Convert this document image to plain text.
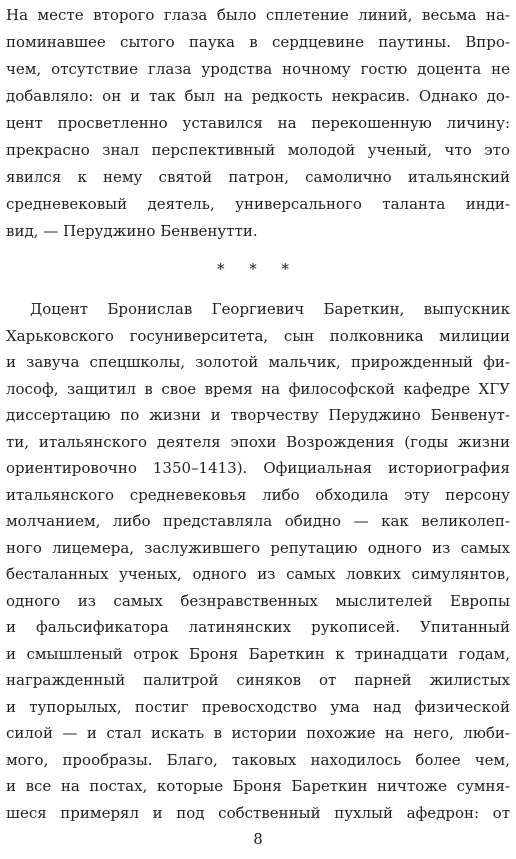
На месте второго глаза было сплетение линий, весьма на-
поминавшее сытого паука в сердцевине паутины. Впро-
чем, отсутствие глаза уродства ночному гостю доцента не
добавляло: он и так был на редкость некрасив. Однако до-
цент просветленно уставился на перекошенную личину:
прекрасно знал перспективный молодой ученый, что это
явился к нему святой патрон, самолично итальянский
средневековый деятель, универсального таланта инди-
вид, — Перуджино Бенвенутти.
* * *
Доцент Бронислав Георгиевич Бареткин, выпускник
Харьковского госуниверситета, сын полковника милиции
и завуча спецшколы, золотой мальчик, прирожденный фи-
лософ, защитил в свое время на философской кафедре ХГУ
диссертацию по жизни и творчеству Перуджино Бенвенут-
ти, итальянского деятеля эпохи Возрождения (годы жизни
ориентировочно 1350–1413). Официальная историография
итальянского средневековья либо обходила эту персону
молчанием, либо представляла обидно — как великолеп-
ного лицемера, заслужившего репутацию одного из самых
бесталанных ученых, одного из самых ловких симулянтов,
одного из самых безнравственных мыслителей Европы
и фальсификатора латинянских рукописей. Упитанный
и смышленый отрок Броня Бареткин к тринадцати годам,
награжденный палитрой синяков от парней жилистых
и тупорылых, постиг превосходство ума над физической
силой — и стал искать в истории похожие на него, люби-
мого, прообразы. Благо, таковых находилось более чем,
и все на постах, которые Броня Бареткин ничтоже сумня-
шеся примерял и под собственный пухлый афедрон: от
8
